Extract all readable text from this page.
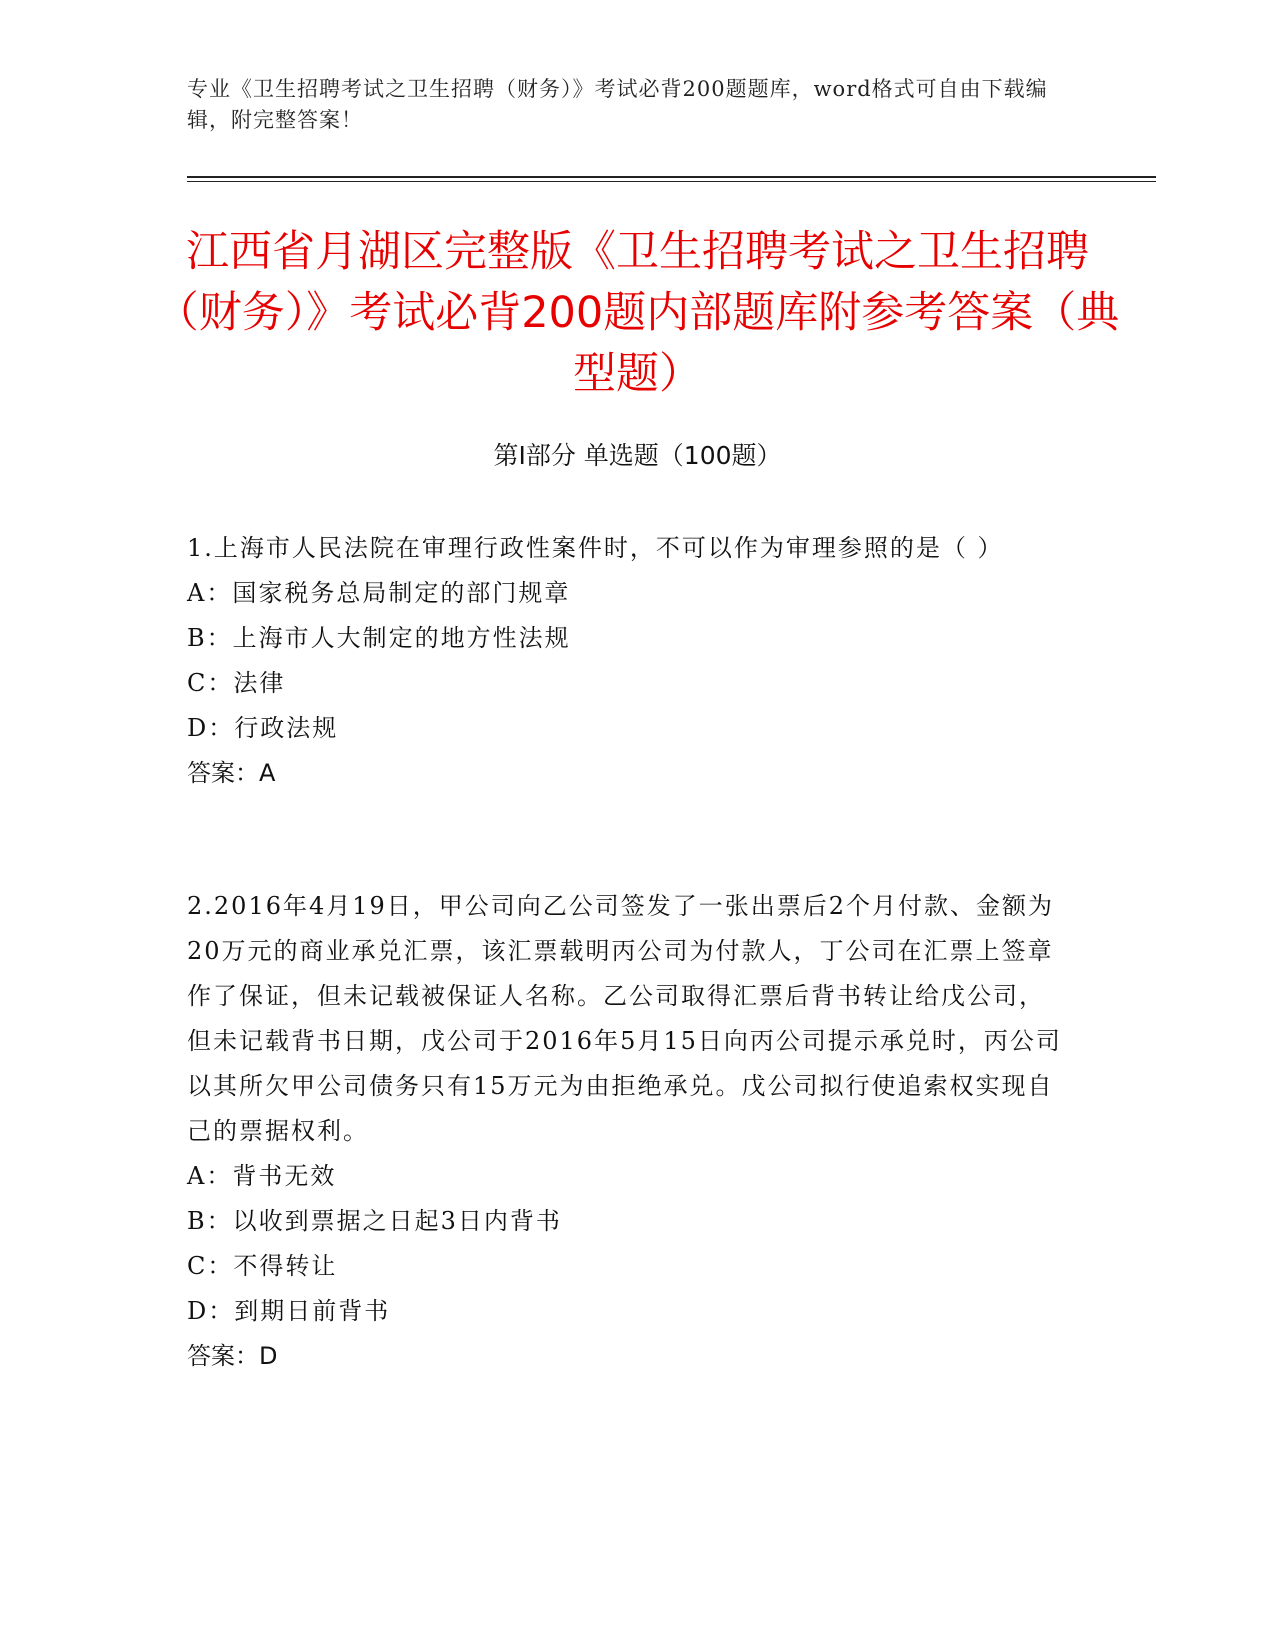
专业《卫生招聘考试之卫生招聘（财务）》考试必背200题题库，word格式可自由下载编辑，附完整答案！
江西省月湖区完整版《卫生招聘考试之卫生招聘（财务）》考试必背200题内部题库附参考答案（典型题）
第Ⅰ部分 单选题（100题）

1.上海市人民法院在审理行政性案件时，不可以作为审理参照的是（ ）

A：国家税务总局制定的部门规章

B：上海市人大制定的地方性法规

C：法律

D：行政法规

答案：A

2.2016年4月19日，甲公司向乙公司签发了一张出票后2个月付款、金额为20万元的商业承兑汇票，该汇票载明丙公司为付款人，丁公司在汇票上签章作了保证，但未记载被保证人名称。乙公司取得汇票后背书转让给戊公司，但未记载背书日期，戊公司于2016年5月15日向丙公司提示承兑时，丙公司以其所欠甲公司债务只有15万元为由拒绝承兑。戊公司拟行使追索权实现自己的票据权利。

A：背书无效

B：以收到票据之日起3日内背书

C：不得转让

D：到期日前背书

答案：D
